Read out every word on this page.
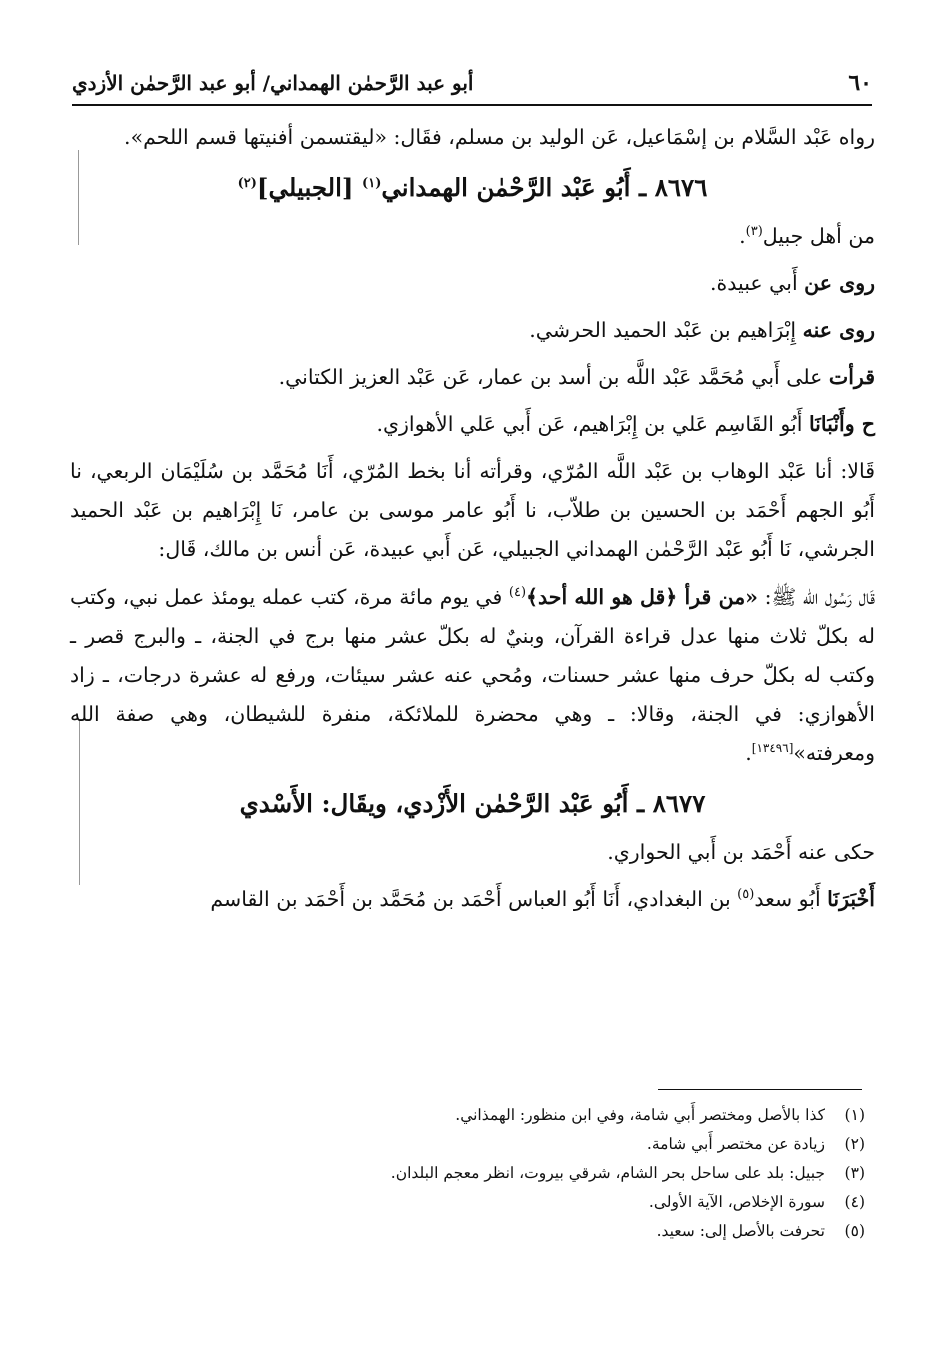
٦٠
أبو عبد الرَّحمٰن الهمداني/ أبو عبد الرَّحمٰن الأزدي

رواه عَبْد السَّلام بن إسْمَاعيل، عَن الوليد بن مسلم، فقَال: «ليقتسمن أفنيتها قسم اللحم».

٨٦٧٦ ـ أَبُو عَبْد الرَّحْمٰن الهمداني$^{(١)}$ [الجبيلي]$^{(٢)}$

من أهل جبيل$^{(٣)}$.

روى عن أَبي عبيدة.

روى عنه إِبْرَاهيم بن عَبْد الحميد الحرشي.

قرأت على أَبي مُحَمَّد عَبْد اللَّه بن أسد بن عمار، عَن عَبْد العزيز الكتاني.

ح وأَنْبَانَا أَبُو القَاسِم عَلي بن إِبْرَاهيم، عَن أَبي عَلي الأهوازي.

قَالا: أنا عَبْد الوهاب بن عَبْد اللَّه المُرّي، وقرأته أنا بخط المُرّي، أَنَا مُحَمَّد بن سُلَيْمَان الربعي، نا أَبُو الجهم أَحْمَد بن الحسين بن طلاّب، نا أَبُو عامر موسى بن عامر، نَا إِبْرَاهيم بن عَبْد الحميد الجرشي، نَا أَبُو عَبْد الرَّحْمٰن الهمداني الجبيلي، عَن أَبي عبيدة، عَن أنس بن مالك، قَال:

قَال رَسُول الله ﷺ: «من قرأ ﴿قل هو الله أحد﴾$^{(٤)}$ في يوم مائة مرة، كتب عمله يومئذ عمل نبي، وكتب له بكلّ ثلاث منها عدل قراءة القرآن، وبنيٌ له بكلّ عشر منها برج في الجنة، ـ والبرج قصر ـ وكتب له بكلّ حرف منها عشر حسنات، ومُحي عنه عشر سيئات، ورفع له عشرة درجات، ـ زاد الأهوازي: في الجنة، وقالا: ـ وهي محضرة للملائكة، منفرة للشيطان، وهي صفة الله ومعرفته»[١٣٤٩٦].

٨٦٧٧ ـ أَبُو عَبْد الرَّحْمٰن الأَزْدي، ويقَال: الأَسْدي

حكى عنه أَحْمَد بن أَبي الحواري.

أَخْبَرَنَا أَبُو سعد$^{(٥)}$ بن البغدادي، أَنَا أَبُو العباس أَحْمَد بن مُحَمَّد بن أَحْمَد بن القاسم

(١)
كذا بالأصل ومختصر أَبي شامة، وفي ابن منظور: الهمذاني.
(٢)
زيادة عن مختصر أَبي شامة.
(٣)
جبيل: بلد على ساحل بحر الشام، شرقي بيروت، انظر معجم البلدان.
(٤)
سورة الإخلاص، الآية الأولى.
(٥)
تحرفت بالأصل إلى: سعيد.
